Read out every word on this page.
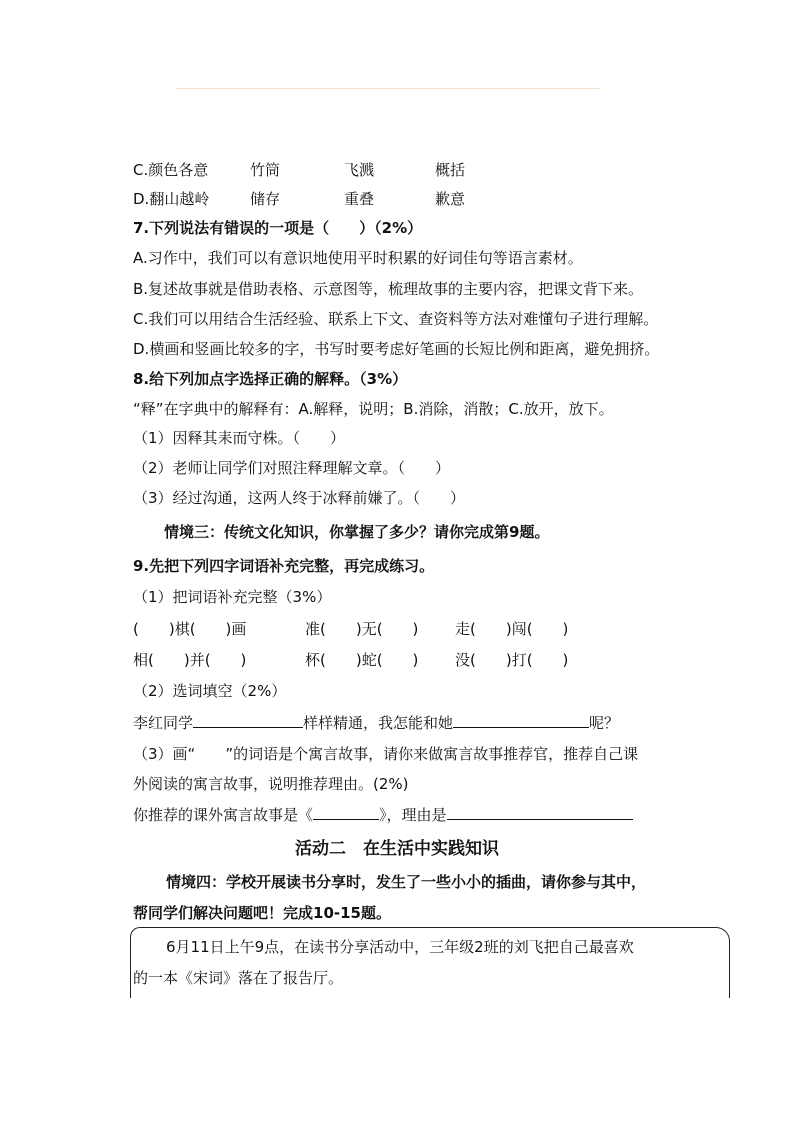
C.颜色各意	竹筒	飞溅	概括
D.翻山越岭	储存	重叠	歉意
7.下列说法有错误的一项是（　　）（2%）
A.习作中，我们可以有意识地使用平时积累的好词佳句等语言素材。
B.复述故事就是借助表格、示意图等，梳理故事的主要内容，把课文背下来。
C.我们可以用结合生活经验、联系上下文、查资料等方法对难懂句子进行理解。
D.横画和竖画比较多的字，书写时要考虑好笔画的长短比例和距离，避免拥挤。
8.给下列加点字选择正确的解释。（3%）
“释”在字典中的解释有：A.解释，说明；B.消除，消散；C.放开，放下。
（1）因释其耒而守株。（　　）
（2）老师让同学们对照注释理解文章。（　　）
（3）经过沟通，这两人终于冰释前嫌了。（　　）
情境三：传统文化知识，你掌握了多少？请你完成第9题。
9.先把下列四字词语补充完整，再完成练习。
（1）把词语补充完整（3%）
(　　)棋(　　)画	准(　　)无(　　) 走(　　)闯(　　)
相(　　)并(　　)	杯(　　)蛇(　　) 没(　　)打(　　)
（2）选词填空（2%）
李红同学	样样精通，我怎能和她	呢？
（3）画“　　”的词语是个寓言故事，请你来做寓言故事推荐官，推荐自己课
外阅读的寓言故事，说明推荐理由。(2%)
你推荐的课外寓言故事是《	》，理由是
活动二　在生活中实践知识
情境四：学校开展读书分享时，发生了一些小小的插曲，请你参与其中，
帮同学们解决问题吧！完成10-15题。
6月11日上午9点，在读书分享活动中，三年级2班的刘飞把自己最喜欢
的一本《宋词》落在了报告厅。
